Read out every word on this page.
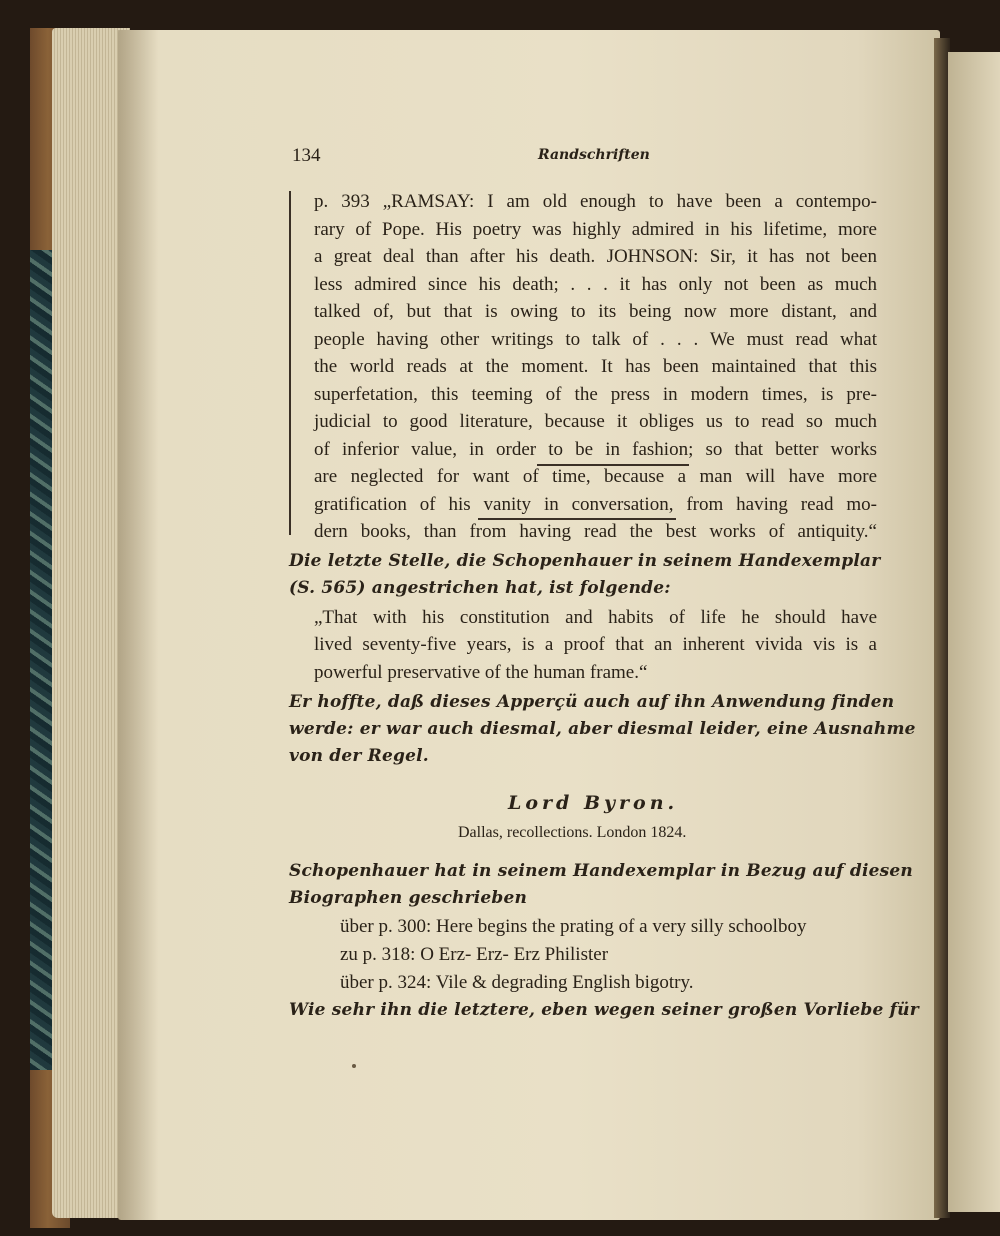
134	Randschriften
p. 393 „RAMSAY: I am old enough to have been a contempo-
rary of Pope. His poetry was highly admired in his lifetime, more
a great deal than after his death. JOHNSON: Sir, it has not been
less admired since his death; . . . it has only not been as much
talked of, but that is owing to its being now more distant, and
people having other writings to talk of . . . We must read what
the world reads at the moment. It has been maintained that this
superfetation, this teeming of the press in modern times, is pre-
judicial to good literature, because it obliges us to read so much
of inferior value, in order to be in fashion; so that better works
are neglected for want of time, because a man will have more
gratification of his vanity in conversation, from having read mo-
dern books, than from having read the best works of antiquity.“
Die letzte Stelle, die Schopenhauer in seinem Handexemplar
(S. 565) angestrichen hat, ist folgende:
„That with his constitution and habits of life he should have
lived seventy-five years, is a proof that an inherent vivida vis is a
powerful preservative of the human frame.“
Er hoffte, daß dieses Apperçü auch auf ihn Anwendung finden
werde: er war auch diesmal, aber diesmal leider, eine Ausnahme
von der Regel.
Lord Byron.
Dallas, recollections. London 1824.
Schopenhauer hat in seinem Handexemplar in Bezug auf diesen
Biographen geschrieben
über p. 300: Here begins the prating of a very silly schoolboy
zu p. 318: O Erz- Erz- Erz Philister
über p. 324: Vile & degrading English bigotry.
Wie sehr ihn die letztere, eben wegen seiner großen Vorliebe für
